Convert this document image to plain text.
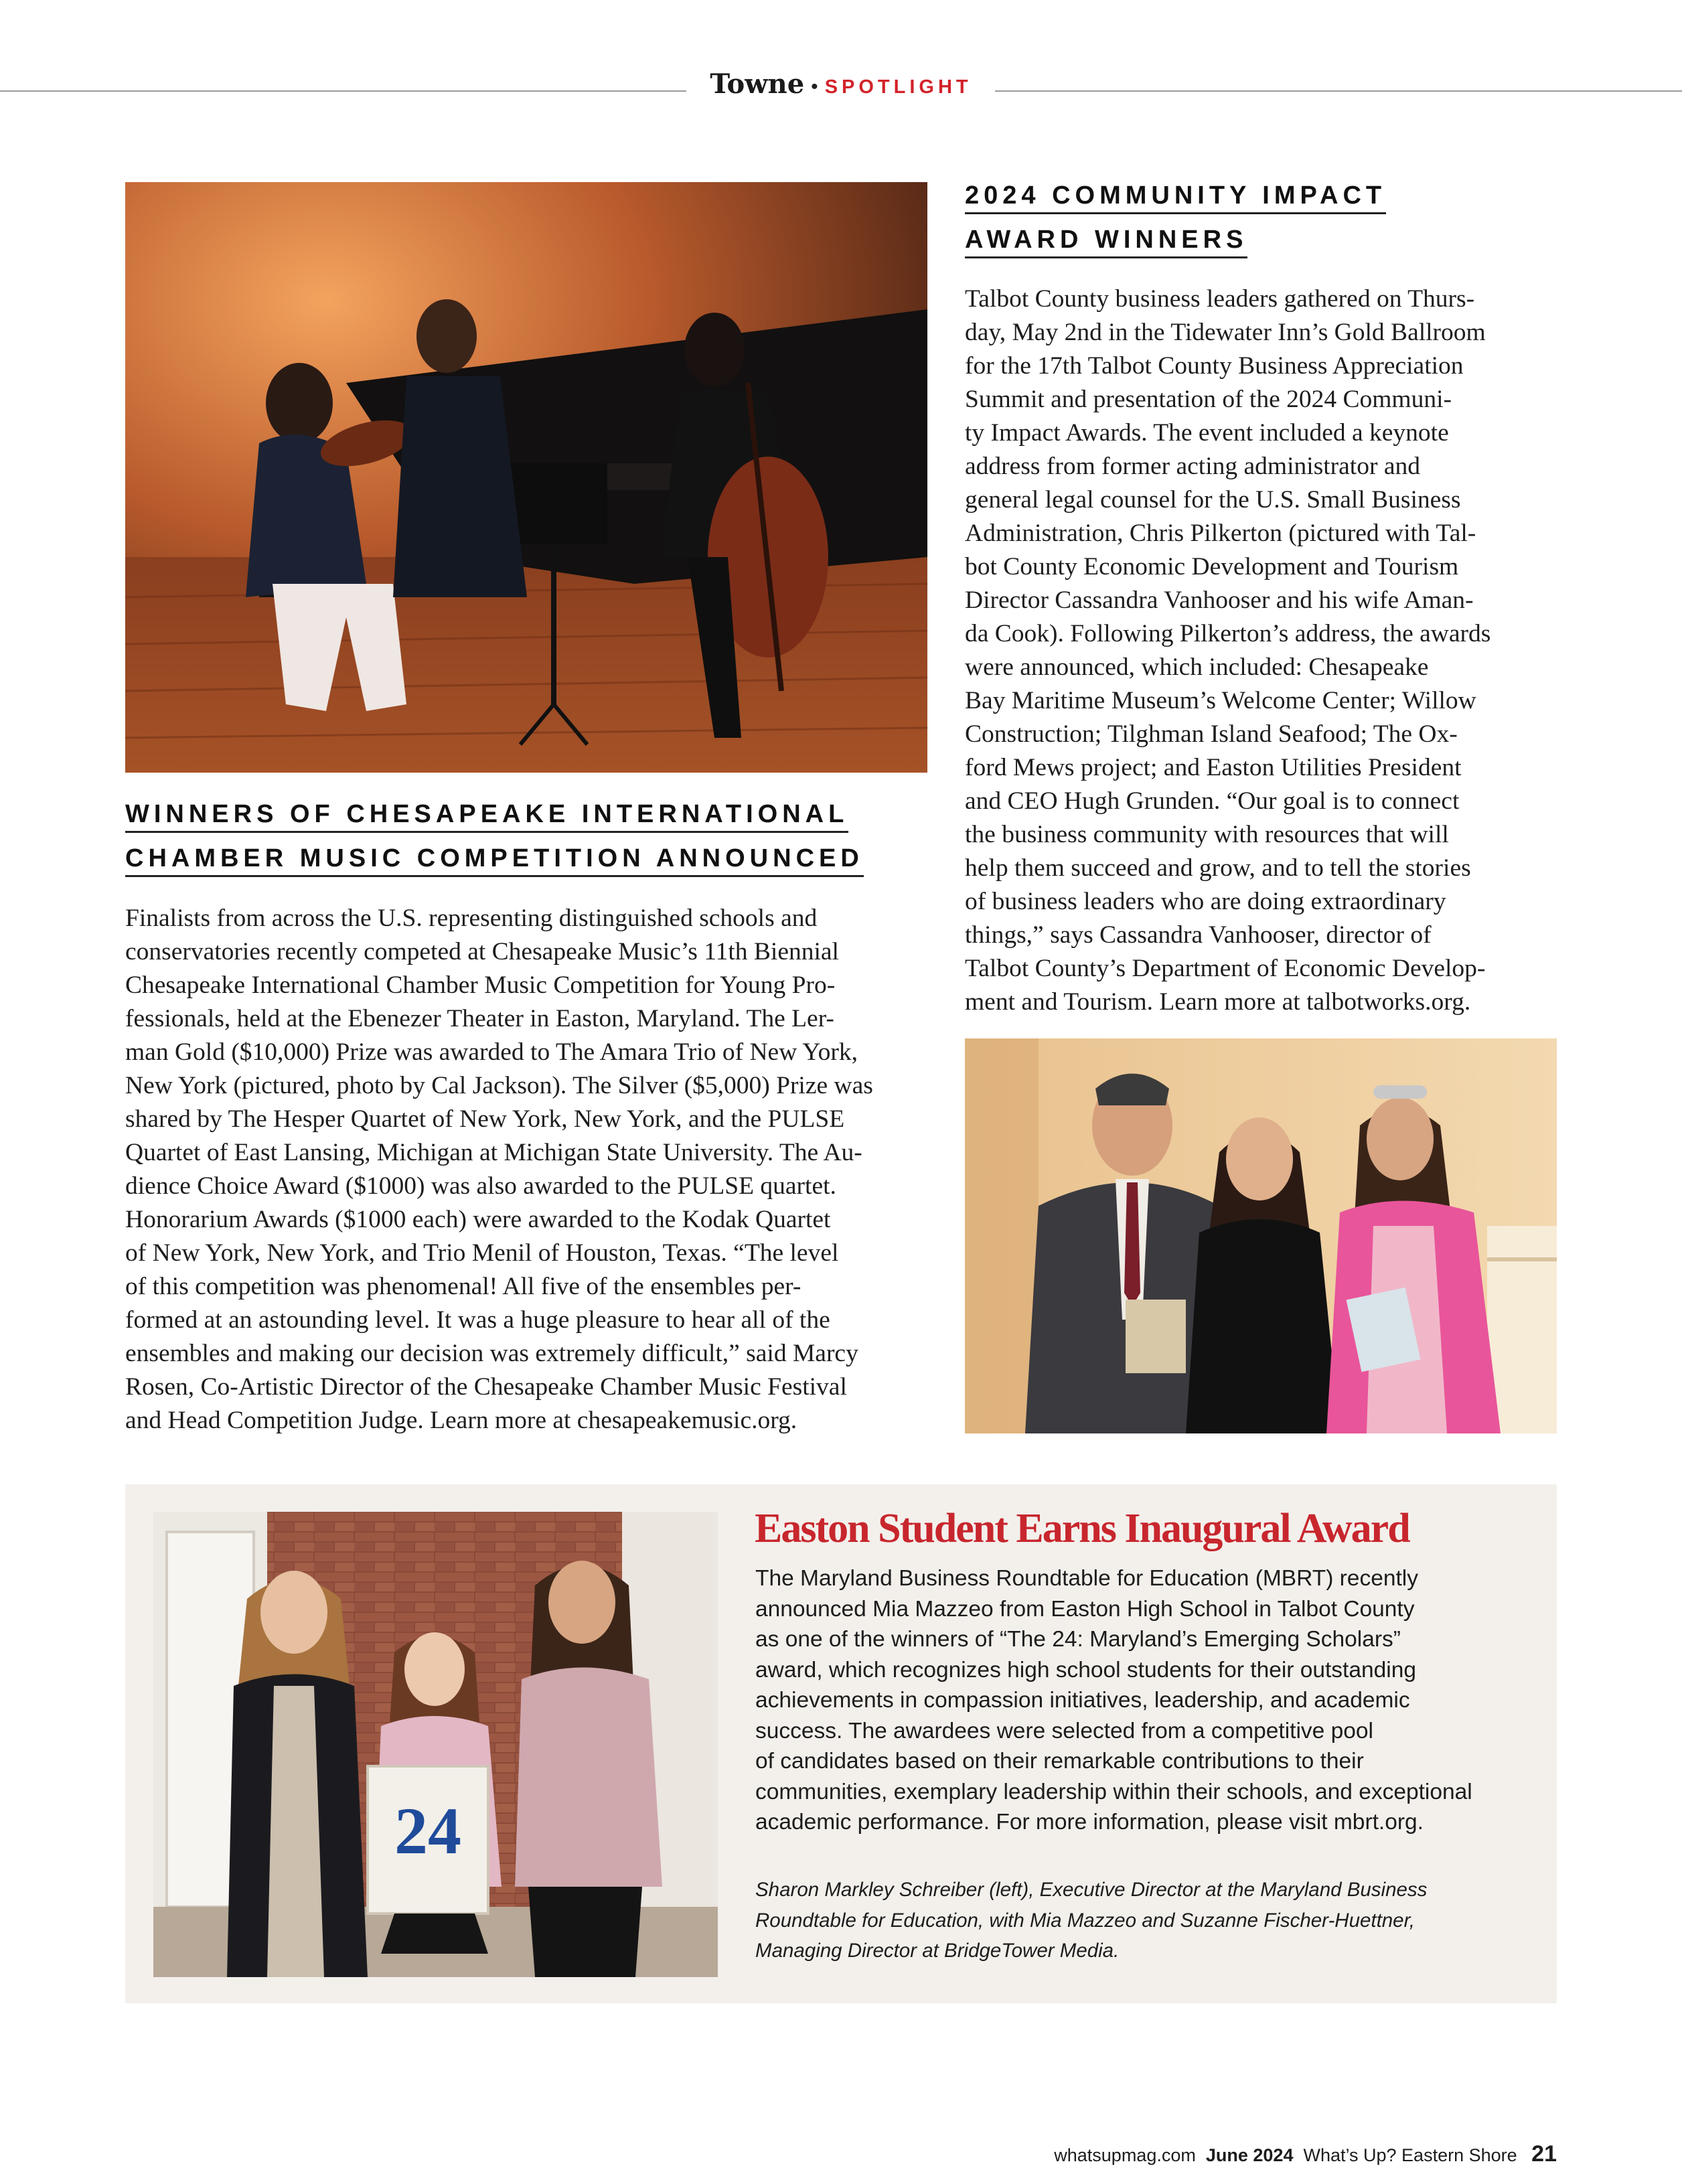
Towne • SPOTLIGHT
WINNERS OF CHESAPEAKE INTERNATIONAL
CHAMBER MUSIC COMPETITION ANNOUNCED
Finalists from across the U.S. representing distinguished schools and
conservatories recently competed at Chesapeake Music’s 11th Biennial
Chesapeake International Chamber Music Competition for Young Pro-
fessionals, held at the Ebenezer Theater in Easton, Maryland. The Ler-
man Gold ($10,000) Prize was awarded to The Amara Trio of New York,
New York (pictured, photo by Cal Jackson). The Silver ($5,000) Prize was
shared by The Hesper Quartet of New York, New York, and the PULSE
Quartet of East Lansing, Michigan at Michigan State University. The Au-
dience Choice Award ($1000) was also awarded to the PULSE quartet.
Honorarium Awards ($1000 each) were awarded to the Kodak Quartet
of New York, New York, and Trio Menil of Houston, Texas. “The level
of this competition was phenomenal! All five of the ensembles per-
formed at an astounding level. It was a huge pleasure to hear all of the
ensembles and making our decision was extremely difficult,” said Marcy
Rosen, Co-Artistic Director of the Chesapeake Chamber Music Festival
and Head Competition Judge. Learn more at chesapeakemusic.org.
2024 COMMUNITY IMPACT
AWARD WINNERS
Talbot County business leaders gathered on Thurs-
day, May 2nd in the Tidewater Inn’s Gold Ballroom
for the 17th Talbot County Business Appreciation
Summit and presentation of the 2024 Communi-
ty Impact Awards. The event included a keynote
address from former acting administrator and
general legal counsel for the U.S. Small Business
Administration, Chris Pilkerton (pictured with Tal-
bot County Economic Development and Tourism
Director Cassandra Vanhooser and his wife Aman-
da Cook). Following Pilkerton’s address, the awards
were announced, which included: Chesapeake
Bay Maritime Museum’s Welcome Center; Willow
Construction; Tilghman Island Seafood; The Ox-
ford Mews project; and Easton Utilities President
and CEO Hugh Grunden. “Our goal is to connect
the business community with resources that will
help them succeed and grow, and to tell the stories
of business leaders who are doing extraordinary
things,” says Cassandra Vanhooser, director of
Talbot County’s Department of Economic Develop-
ment and Tourism. Learn more at talbotworks.org.
24
Easton Student Earns Inaugural Award
The Maryland Business Roundtable for Education (MBRT) recently
announced Mia Mazzeo from Easton High School in Talbot County
as one of the winners of “The 24: Maryland’s Emerging Scholars”
award, which recognizes high school students for their outstanding
achievements in compassion initiatives, leadership, and academic
success. The awardees were selected from a competitive pool
of candidates based on their remarkable contributions to their
communities, exemplary leadership within their schools, and exceptional
academic performance. For more information, please visit mbrt.org.
Sharon Markley Schreiber (left), Executive Director at the Maryland Business
Roundtable for Education, with Mia Mazzeo and Suzanne Fischer-Huettner,
Managing Director at BridgeTower Media.
whatsupmag.com June 2024 What’s Up? Eastern Shore 21
